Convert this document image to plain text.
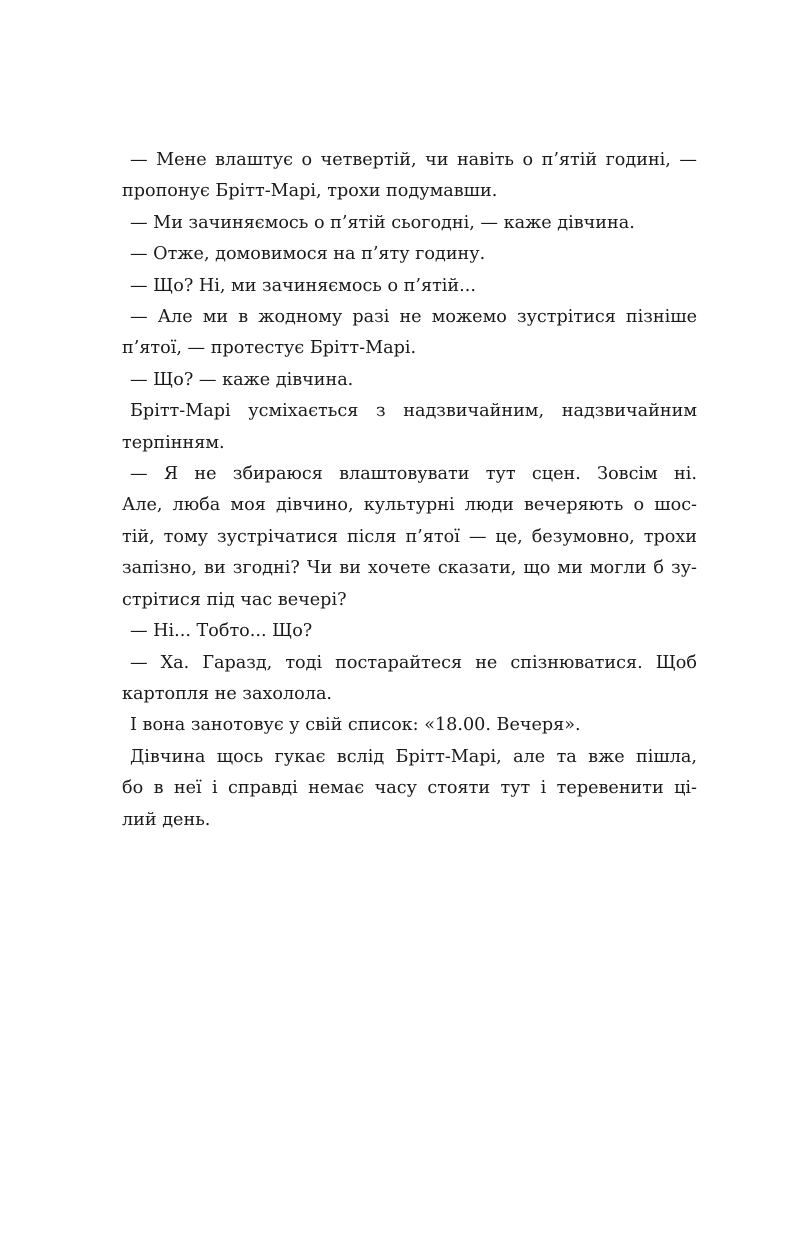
— Мене влаштує о четвертій, чи навіть о п’ятій годині, —
пропонує Брітт-Марі, трохи подумавши.

— Ми зачиняємось о п’ятій сьогодні, — каже дівчина.

— Отже, домовимося на п’яту годину.

— Що? Ні, ми зачиняємось о п’ятій...

— Але ми в жодному разі не можемо зустрітися пізніше
п’ятої, — протестує Брітт-Марі.

— Що? — каже дівчина.

Брітт-Марі усміхається з надзвичайним, надзвичайним
терпінням.

— Я не збираюся влаштовувати тут сцен. Зовсім ні.
Але, люба моя дівчино, культурні люди вечеряють о шос-
тій, тому зустрічатися після п’ятої — це, безумовно, трохи
запізно, ви згодні? Чи ви хочете сказати, що ми могли б зу-
стрітися під час вечері?

— Ні... Тобто... Що?

— Ха. Гаразд, тоді постарайтеся не спізнюватися. Щоб
картопля не захолола.

І вона занотовує у свій список: «18.00. Вечеря».

Дівчина щось гукає вслід Брітт-Марі, але та вже пішла,
бо в неї і справді немає часу стояти тут і теревенити ці-
лий день.
